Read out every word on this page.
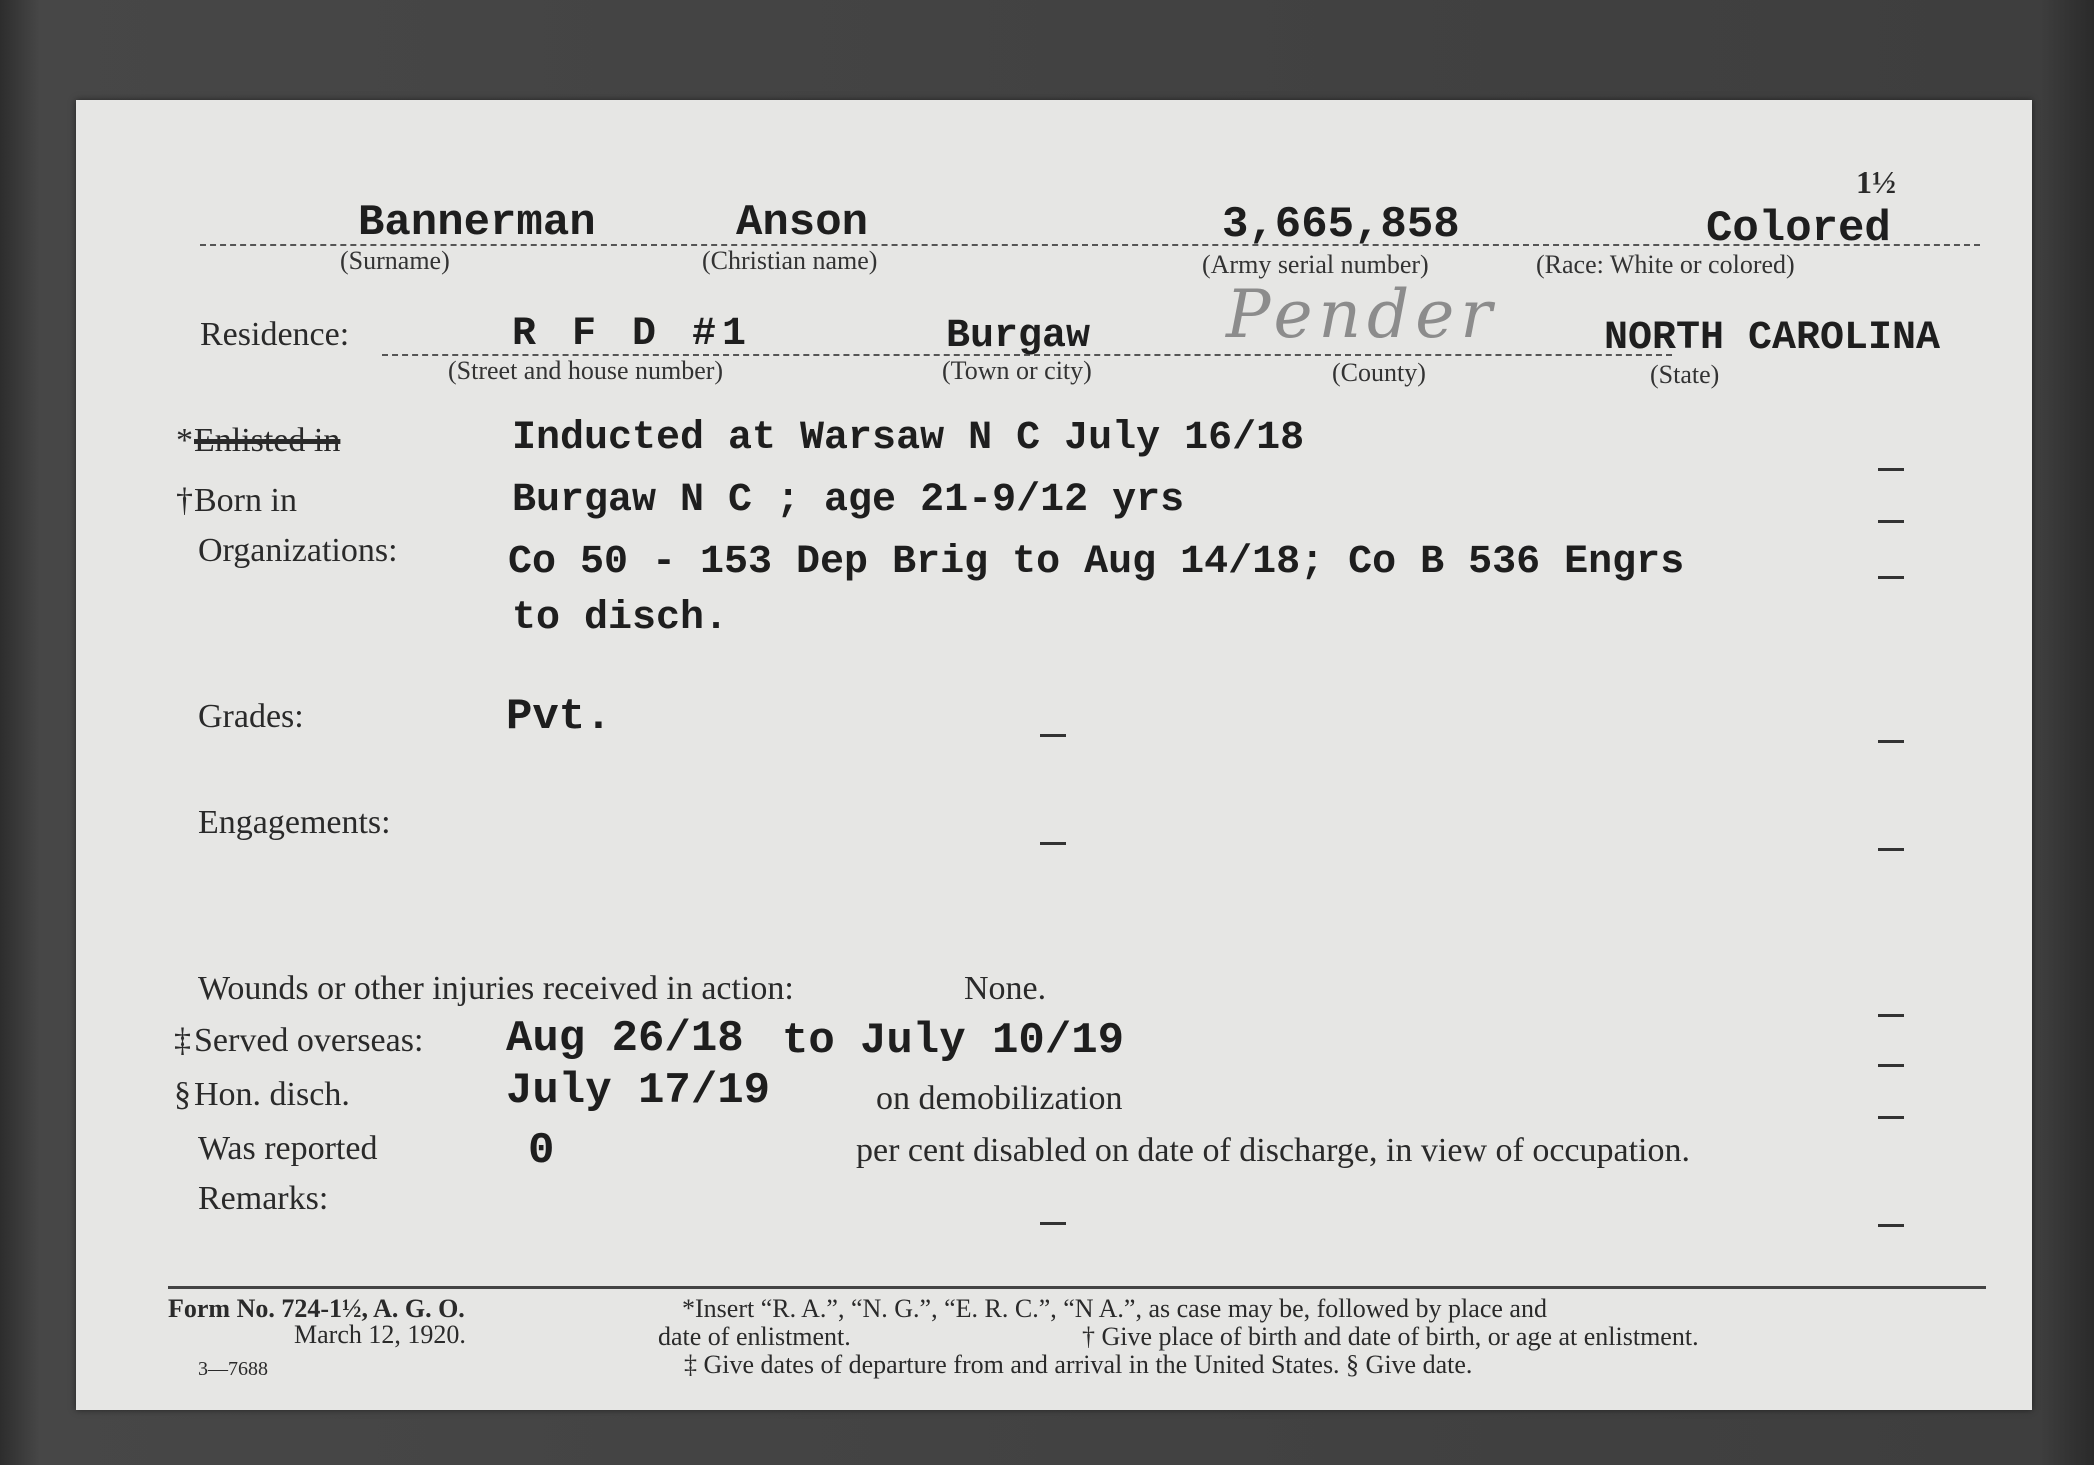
1½
Bannerman	Anson	3,665,858	Colored
(Surname)	(Christian name)	(Army serial number)	(Race: White or colored)
Residence:	R F D #1	Burgaw Pender	NORTH CAROLINA
(Street and house number)	(Town or city)	(County)	(State)
* Enlisted in	Inducted at Warsaw N C July 16/18
† Born in	Burgaw N C ; age 21-9/12 yrs
Organizations:	Co 50 - 153 Dep Brig to Aug 14/18; Co B 536 Engrs
to disch.
Grades:	Pvt.
Engagements:
Wounds or other injuries received in action:	None.
‡ Served overseas: Aug 26/18 to July 10/19
§ Hon. disch.	July 17/19	on demobilization
Was reported	0	per cent disabled on date of discharge, in view of occupation.
Remarks:
Form No. 724-1½, A. G. O.
March 12, 1920.
3—7688
*Insert “R. A.”, “N. G.”, “E. R. C.”, “N A.”, as case may be, followed by place and
date of enlistment.	† Give place of birth and date of birth, or age at enlistment.
‡ Give dates of departure from and arrival in the United States. § Give date.
